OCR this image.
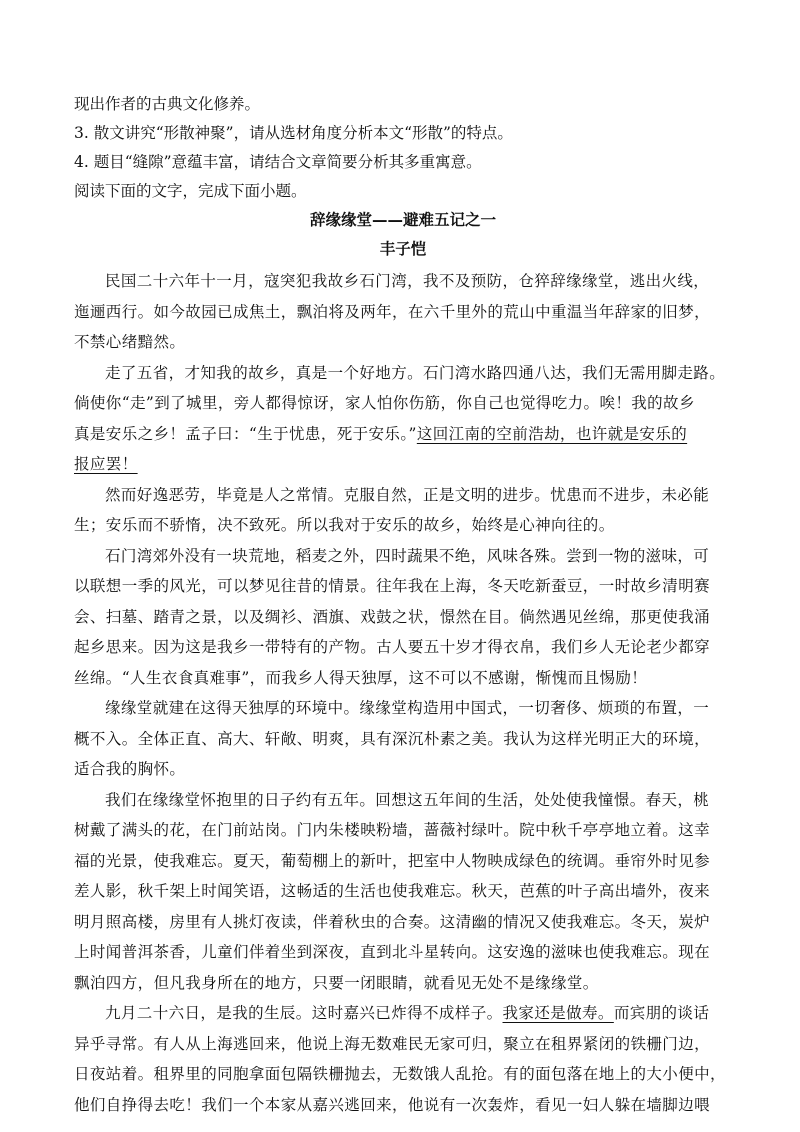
现出作者的古典文化修养。

3. 散文讲究“形散神聚”，请从选材角度分析本文“形散”的特点。

4. 题目“缝隙”意蕴丰富，请结合文章简要分析其多重寓意。

阅读下面的文字，完成下面小题。

辞缘缘堂——避难五记之一
丰子恺

民国二十六年十一月，寇突犯我故乡石门湾，我不及预防，仓猝辞缘缘堂，逃出火线，

迤逦西行。如今故园已成焦土，飘泊将及两年，在六千里外的荒山中重温当年辞家的旧梦，

不禁心绪黯然。

走了五省，才知我的故乡，真是一个好地方。石门湾水路四通八达，我们无需用脚走路。

倘使你“走”到了城里，旁人都得惊讶，家人怕你伤筋，你自己也觉得吃力。唉！我的故乡

真是安乐之乡！孟子曰：“生于忧患，死于安乐。”这回江南的空前浩劫，也许就是安乐的

报应罢！

然而好逸恶劳，毕竟是人之常情。克服自然，正是文明的进步。忧患而不进步，未必能

生；安乐而不骄惰，决不致死。所以我对于安乐的故乡，始终是心神向往的。

石门湾郊外没有一块荒地，稻麦之外，四时蔬果不绝，风味各殊。尝到一物的滋味，可

以联想一季的风光，可以梦见往昔的情景。往年我在上海，冬天吃新蚕豆，一时故乡清明赛

会、扫墓、踏青之景，以及绸衫、酒旗、戏鼓之状，憬然在目。倘然遇见丝绵，那更使我涌

起乡思来。因为这是我乡一带特有的产物。古人要五十岁才得衣帛，我们乡人无论老少都穿

丝绵。“人生衣食真难事”，而我乡人得天独厚，这不可以不感谢，惭愧而且惕励！

缘缘堂就建在这得天独厚的环境中。缘缘堂构造用中国式，一切奢侈、烦琐的布置，一

概不入。全体正直、高大、轩敞、明爽，具有深沉朴素之美。我认为这样光明正大的环境，

适合我的胸怀。

我们在缘缘堂怀抱里的日子约有五年。回想这五年间的生活，处处使我憧憬。春天，桃

树戴了满头的花，在门前站岗。门内朱楼映粉墙，蔷薇衬绿叶。院中秋千亭亭地立着。这幸

福的光景，使我难忘。夏天，葡萄棚上的新叶，把室中人物映成绿色的统调。垂帘外时见参

差人影，秋千架上时闻笑语，这畅适的生活也使我难忘。秋天，芭蕉的叶子高出墙外，夜来

明月照高楼，房里有人挑灯夜读，伴着秋虫的合奏。这清幽的情况又使我难忘。冬天，炭炉

上时闻普洱茶香，儿童们伴着坐到深夜，直到北斗星转向。这安逸的滋味也使我难忘。现在

飘泊四方，但凡我身所在的地方，只要一闭眼睛，就看见无处不是缘缘堂。

九月二十六日，是我的生辰。这时嘉兴已炸得不成样子。我家还是做寿。而宾朋的谈话

异乎寻常。有人从上海逃回来，他说上海无数难民无家可归，聚立在租界紧闭的铁栅门边，

日夜站着。租界里的同胞拿面包隔铁栅抛去，无数饿人乱抢。有的面包落在地上的大小便中，

他们自挣得去吃！我们一个本家从嘉兴逃回来，他说有一次轰炸，看见一妇人躲在墙脚边喂
